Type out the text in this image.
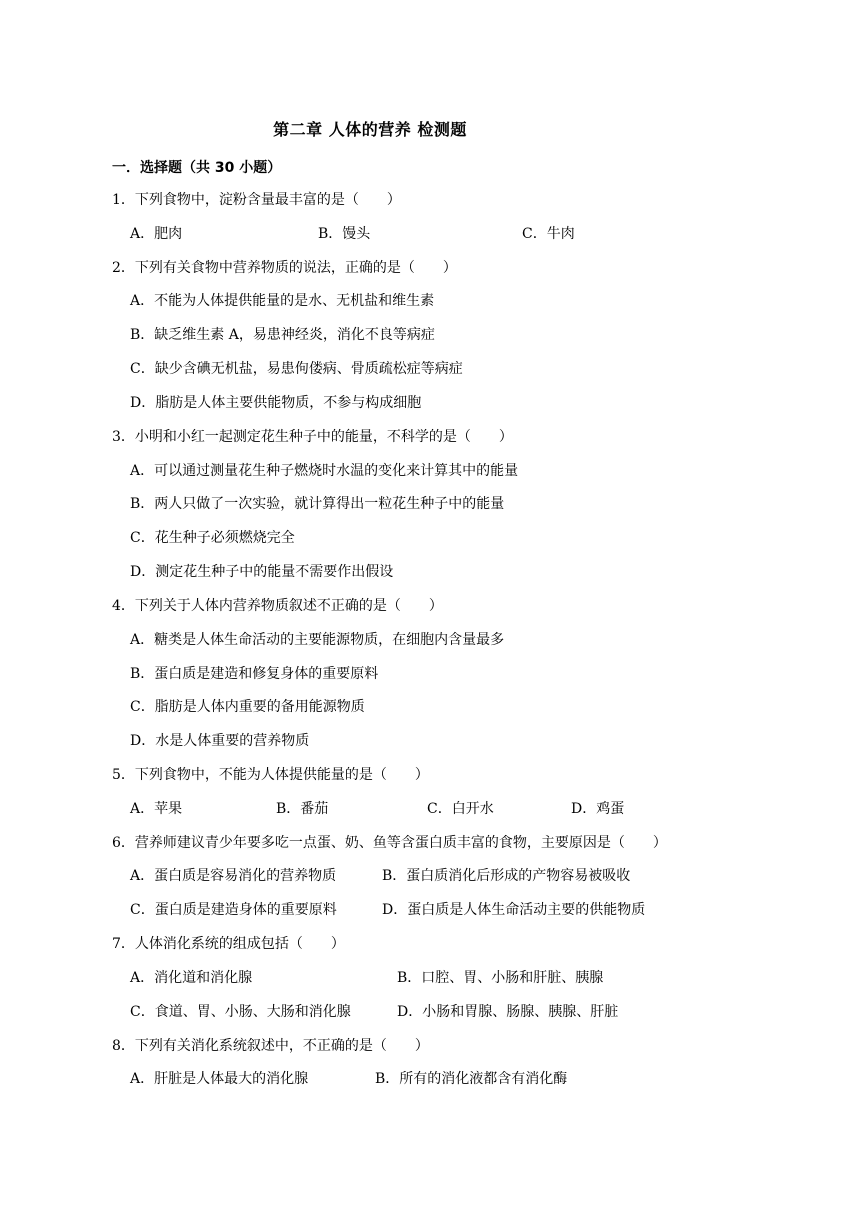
第二章 人体的营养 检测题
一．选择题（共 30 小题）
1．下列食物中，淀粉含量最丰富的是（　　）
A．肥肉	B．馒头	C．牛肉
2．下列有关食物中营养物质的说法，正确的是（　　）
A．不能为人体提供能量的是水、无机盐和维生素
B．缺乏维生素 A，易患神经炎，消化不良等病症
C．缺少含碘无机盐，易患佝偻病、骨质疏松症等病症
D．脂肪是人体主要供能物质，不参与构成细胞
3．小明和小红一起测定花生种子中的能量，不科学的是（　　）
A．可以通过测量花生种子燃烧时水温的变化来计算其中的能量
B．两人只做了一次实验，就计算得出一粒花生种子中的能量
C．花生种子必须燃烧完全
D．测定花生种子中的能量不需要作出假设
4．下列关于人体内营养物质叙述不正确的是（　　）
A．糖类是人体生命活动的主要能源物质，在细胞内含量最多
B．蛋白质是建造和修复身体的重要原料
C．脂肪是人体内重要的备用能源物质
D．水是人体重要的营养物质
5．下列食物中，不能为人体提供能量的是（　　）
A．苹果	B．番茄	C．白开水	D．鸡蛋
6．营养师建议青少年要多吃一点蛋、奶、鱼等含蛋白质丰富的食物，主要原因是（　　）
A．蛋白质是容易消化的营养物质	B．蛋白质消化后形成的产物容易被吸收
C．蛋白质是建造身体的重要原料	D．蛋白质是人体生命活动主要的供能物质
7．人体消化系统的组成包括（　　）
A．消化道和消化腺	B．口腔、胃、小肠和肝脏、胰腺
C．食道、胃、小肠、大肠和消化腺	D．小肠和胃腺、肠腺、胰腺、肝脏
8．下列有关消化系统叙述中，不正确的是（　　）
A．肝脏是人体最大的消化腺	B．所有的消化液都含有消化酶
